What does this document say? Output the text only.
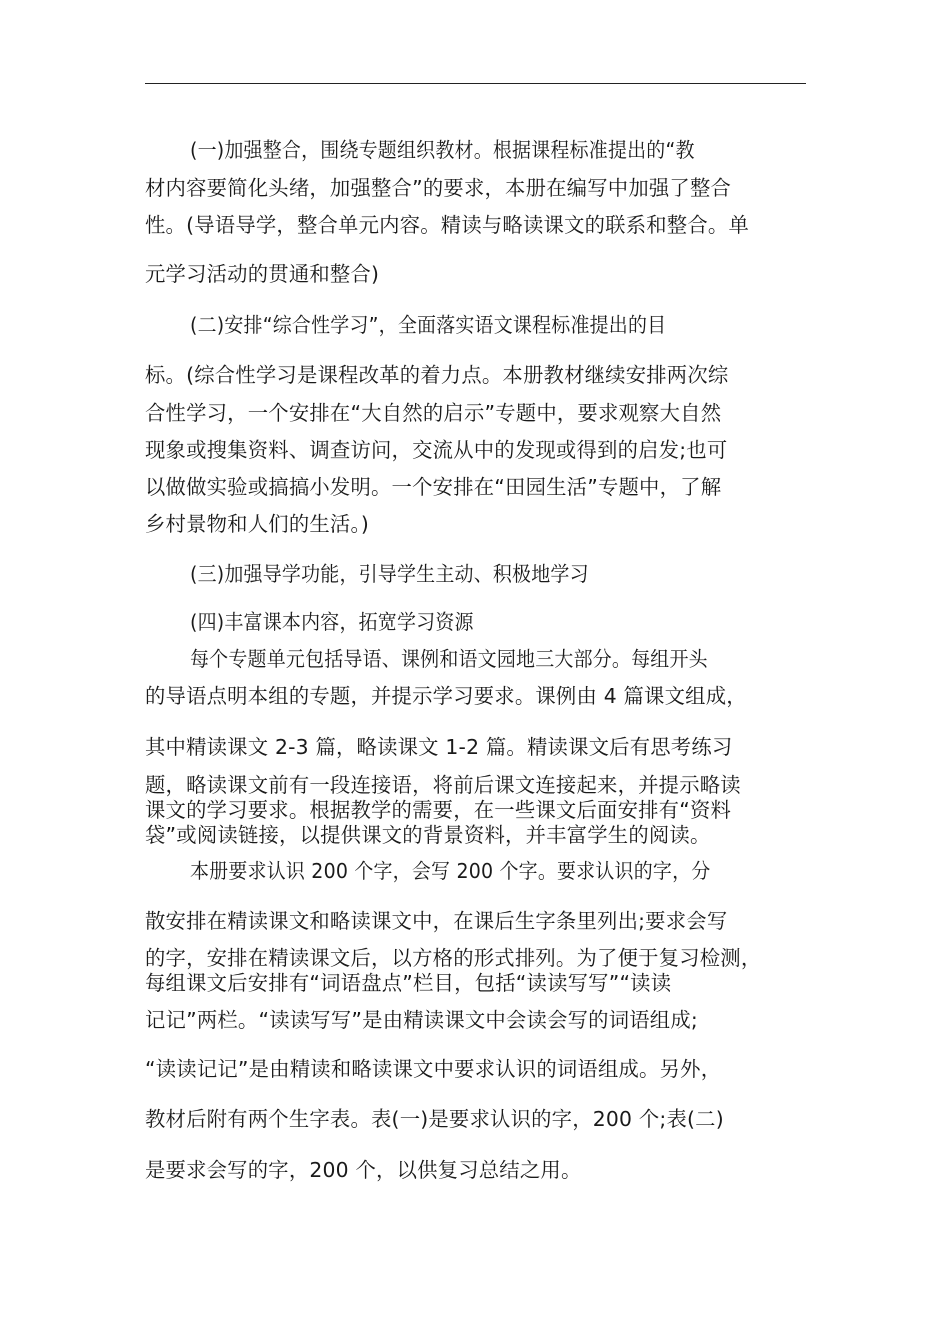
(一)加强整合，围绕专题组织教材。根据课程标准提出的“教
材内容要简化头绪，加强整合”的要求，本册在编写中加强了整合
性。(导语导学，整合单元内容。精读与略读课文的联系和整合。单
元学习活动的贯通和整合)
(二)安排“综合性学习”，全面落实语文课程标准提出的目
标。(综合性学习是课程改革的着力点。本册教材继续安排两次综
合性学习，一个安排在“大自然的启示”专题中，要求观察大自然
现象或搜集资料、调查访问，交流从中的发现或得到的启发;也可
以做做实验或搞搞小发明。一个安排在“田园生活”专题中，了解
乡村景物和人们的生活。)
(三)加强导学功能，引导学生主动、积极地学习
(四)丰富课本内容，拓宽学习资源
每个专题单元包括导语、课例和语文园地三大部分。每组开头
的导语点明本组的专题，并提示学习要求。课例由 4 篇课文组成，
其中精读课文 2-3 篇，略读课文 1-2 篇。精读课文后有思考练习
题，略读课文前有一段连接语，将前后课文连接起来，并提示略读
课文的学习要求。根据教学的需要，在一些课文后面安排有“资料
袋”或阅读链接，以提供课文的背景资料，并丰富学生的阅读。
本册要求认识 200 个字，会写 200 个字。要求认识的字，分
散安排在精读课文和略读课文中，在课后生字条里列出;要求会写
的字，安排在精读课文后，以方格的形式排列。为了便于复习检测，
每组课文后安排有“词语盘点”栏目，包括“读读写写”“读读
记记”两栏。“读读写写”是由精读课文中会读会写的词语组成;
“读读记记”是由精读和略读课文中要求认识的词语组成。另外，
教材后附有两个生字表。表(一)是要求认识的字，200 个;表(二)
是要求会写的字，200 个，以供复习总结之用。
